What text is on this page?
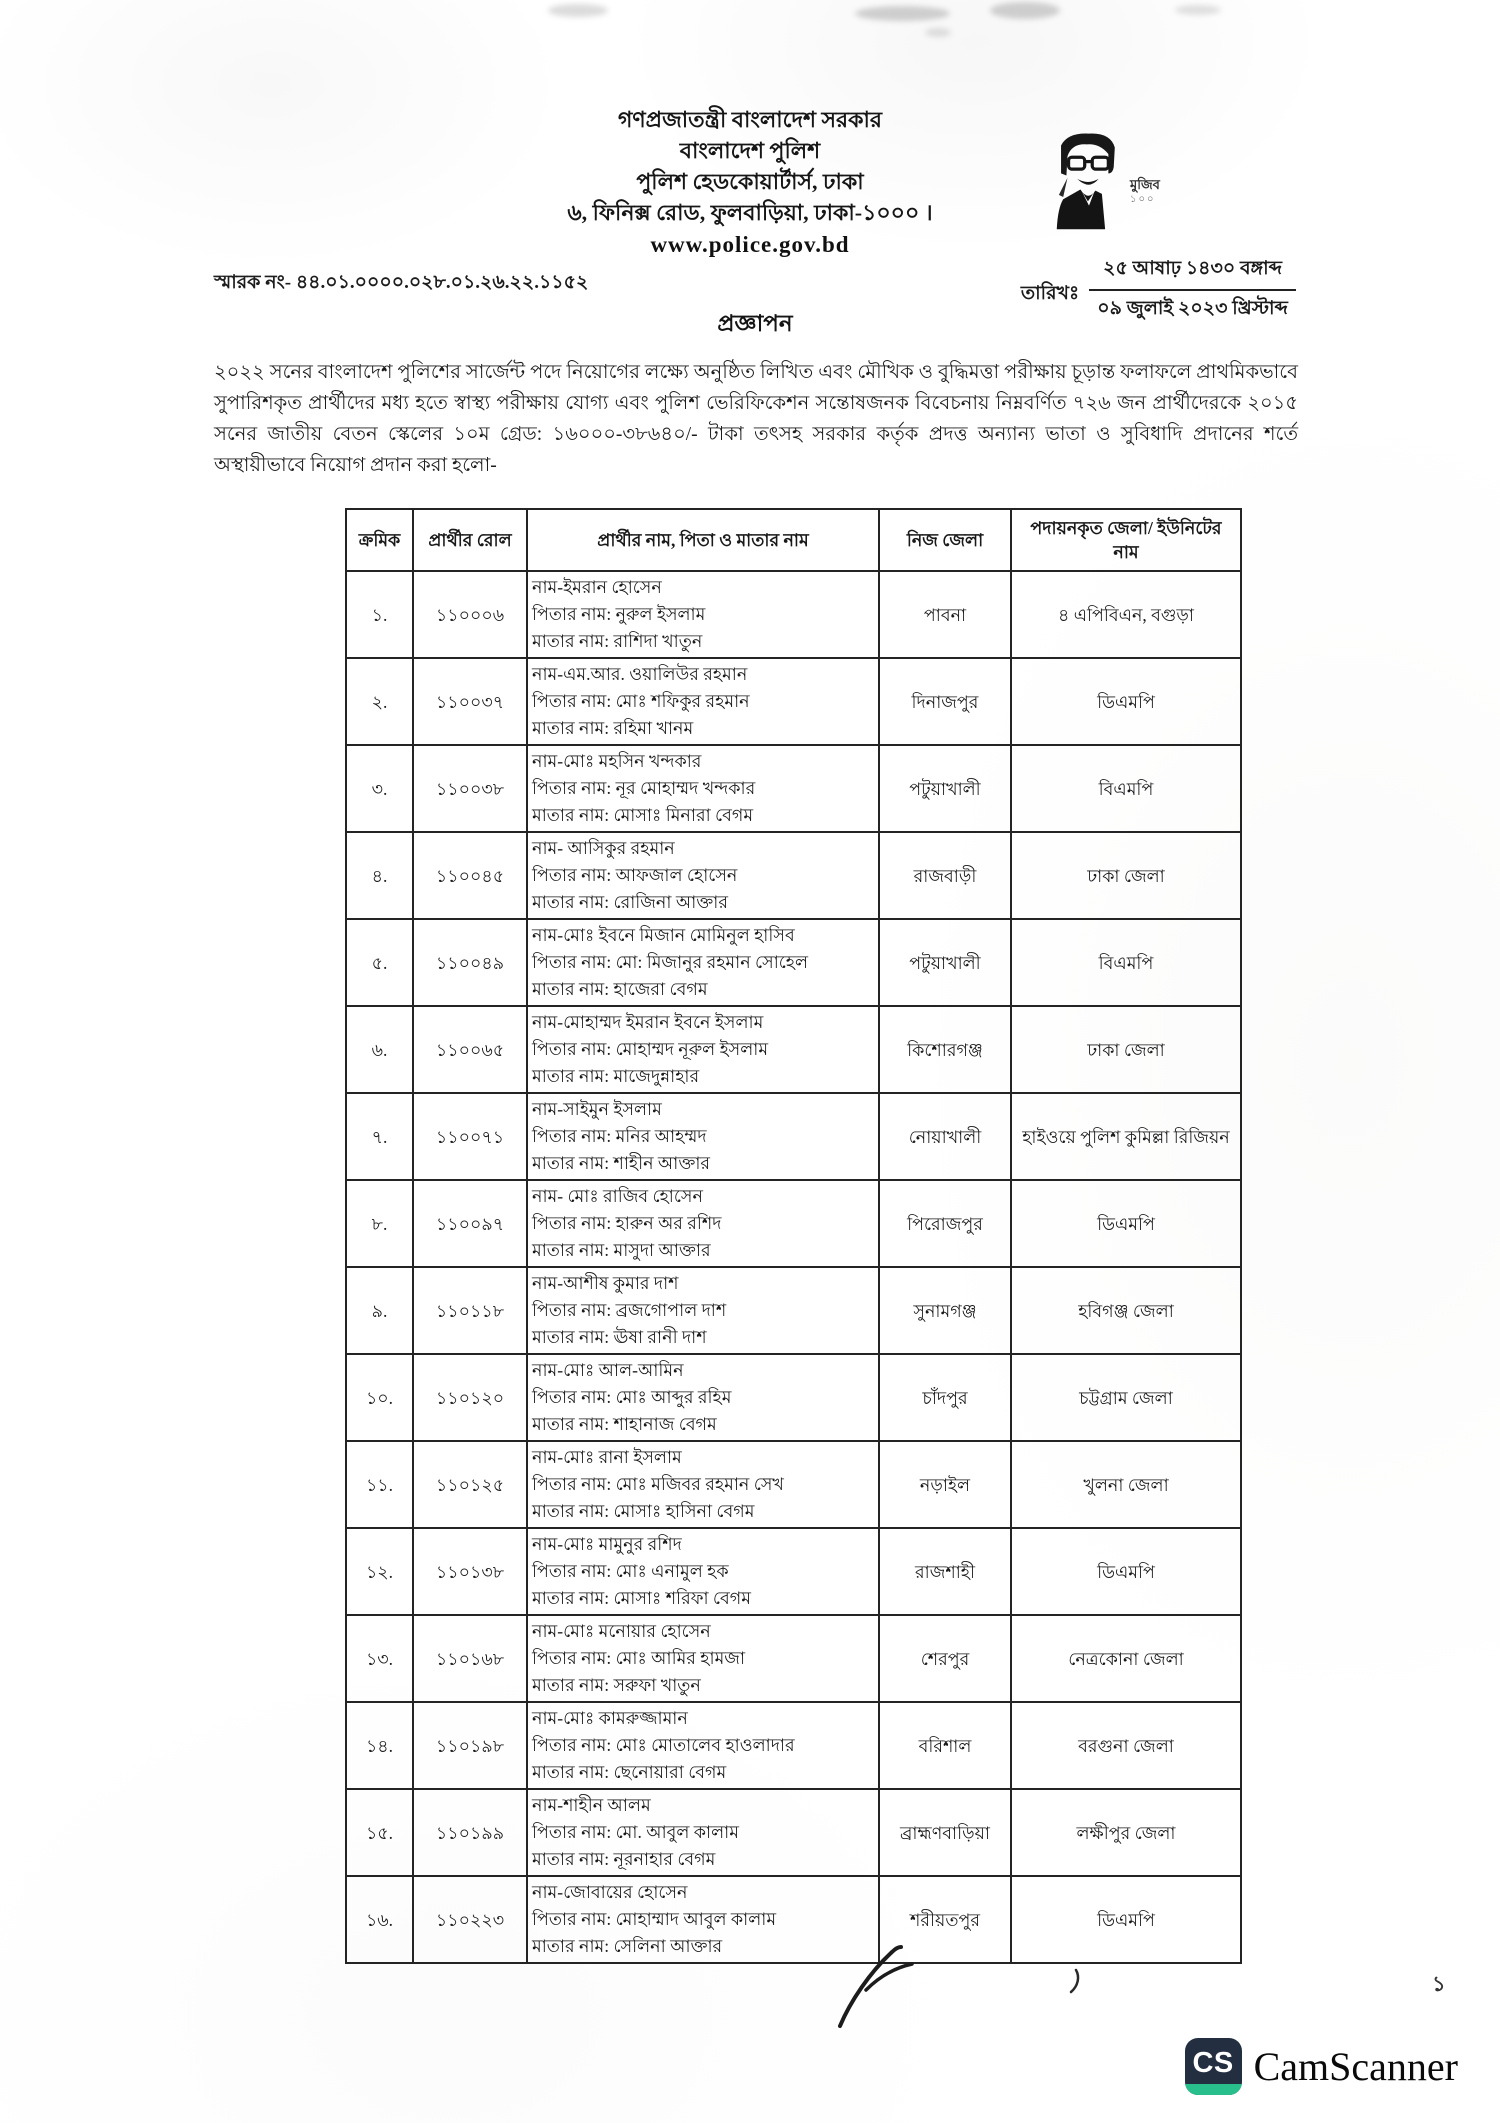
গণপ্রজাতন্ত্রী বাংলাদেশ সরকার
বাংলাদেশ পুলিশ
পুলিশ হেডকোয়ার্টার্স, ঢাকা
৬, ফিনিক্স রোড, ফুলবাড়িয়া, ঢাকা-১০০০ ।
www.police.gov.bd
মুজিব
১০০
স্মারক নং- ৪৪.০১.০০০০.০২৮.০১.২৬.২২.১১৫২
তারিখঃ $\frac{\text{২৫ আষাঢ় ১৪৩০ বঙ্গাব্দ}}{\text{০৯ জুলাই ২০২৩ খ্রিস্টাব্দ}}$
প্রজ্ঞাপন
২০২২ সনের বাংলাদেশ পুলিশের সার্জেন্ট পদে নিয়োগের লক্ষ্যে অনুষ্ঠিত লিখিত এবং মৌখিক ও বুদ্ধিমত্তা পরীক্ষায় চূড়ান্ত ফলাফলে প্রাথমিকভাবে সুপারিশকৃত প্রার্থীদের মধ্য হতে স্বাস্থ্য পরীক্ষায় যোগ্য এবং পুলিশ ভেরিফিকেশন সন্তোষজনক বিবেচনায় নিম্নবর্ণিত ৭২৬ জন প্রার্থীদেরকে ২০১৫ সনের জাতীয় বেতন স্কেলের ১০ম গ্রেড: ১৬০০০-৩৮৬৪০/- টাকা তৎসহ সরকার কর্তৃক প্রদত্ত অন্যান্য ভাতা ও সুবিধাদি প্রদানের শর্তে অস্থায়ীভাবে নিয়োগ প্রদান করা হলো-
ক্রমিক	প্রার্থীর রোল	প্রার্থীর নাম, পিতা ও মাতার নাম	নিজ জেলা	পদায়নকৃত জেলা/ ইউনিটের নাম
১.	১১০০০৬	নাম-ইমরান হোসেন
পিতার নাম: নুরুল ইসলাম
মাতার নাম: রাশিদা খাতুন	পাবনা	৪ এপিবিএন, বগুড়া
২.	১১০০৩৭	নাম-এম.আর. ওয়ালিউর রহমান
পিতার নাম: মোঃ শফিকুর রহমান
মাতার নাম: রহিমা খানম	দিনাজপুর	ডিএমপি
৩.	১১০০৩৮	নাম-মোঃ মহসিন খন্দকার
পিতার নাম: নূর মোহাম্মদ খন্দকার
মাতার নাম: মোসাঃ মিনারা বেগম	পটুয়াখালী	বিএমপি
৪.	১১০০৪৫	নাম- আসিকুর রহমান
পিতার নাম: আফজাল হোসেন
মাতার নাম: রোজিনা আক্তার	রাজবাড়ী	ঢাকা জেলা
৫.	১১০০৪৯	নাম-মোঃ ইবনে মিজান মোমিনুল হাসিব
পিতার নাম: মো: মিজানুর রহমান সোহেল
মাতার নাম: হাজেরা বেগম	পটুয়াখালী	বিএমপি
৬.	১১০০৬৫	নাম-মোহাম্মদ ইমরান ইবনে ইসলাম
পিতার নাম: মোহাম্মদ নূরুল ইসলাম
মাতার নাম: মাজেদুন্নাহার	কিশোরগঞ্জ	ঢাকা জেলা
৭.	১১০০৭১	নাম-সাইমুন ইসলাম
পিতার নাম: মনির আহম্মদ
মাতার নাম: শাহীন আক্তার	নোয়াখালী	হাইওয়ে পুলিশ কুমিল্লা রিজিয়ন
৮.	১১০০৯৭	নাম- মোঃ রাজিব হোসেন
পিতার নাম: হারুন অর রশিদ
মাতার নাম: মাসুদা আক্তার	পিরোজপুর	ডিএমপি
৯.	১১০১১৮	নাম-আশীষ কুমার দাশ
পিতার নাম: ব্রজগোপাল দাশ
মাতার নাম: ঊষা রানী দাশ	সুনামগঞ্জ	হবিগঞ্জ জেলা
১০.	১১০১২০	নাম-মোঃ আল-আমিন
পিতার নাম: মোঃ আব্দুর রহিম
মাতার নাম: শাহানাজ বেগম	চাঁদপুর	চট্টগ্রাম জেলা
১১.	১১০১২৫	নাম-মোঃ রানা ইসলাম
পিতার নাম: মোঃ মজিবর রহমান সেখ
মাতার নাম: মোসাঃ হাসিনা বেগম	নড়াইল	খুলনা জেলা
১২.	১১০১৩৮	নাম-মোঃ মামুনুর রশিদ
পিতার নাম: মোঃ এনামুল হক
মাতার নাম: মোসাঃ শরিফা বেগম	রাজশাহী	ডিএমপি
১৩.	১১০১৬৮	নাম-মোঃ মনোয়ার হোসেন
পিতার নাম: মোঃ আমির হামজা
মাতার নাম: সরুফা খাতুন	শেরপুর	নেত্রকোনা জেলা
১৪.	১১০১৯৮	নাম-মোঃ কামরুজ্জামান
পিতার নাম: মোঃ মোতালেব হাওলাদার
মাতার নাম: ছেনোয়ারা বেগম	বরিশাল	বরগুনা জেলা
১৫.	১১০১৯৯	নাম-শাহীন আলম
পিতার নাম: মো. আবুল কালাম
মাতার নাম: নূরনাহার বেগম	ব্রাহ্মণবাড়িয়া	লক্ষীপুর জেলা
১৬.	১১০২২৩	নাম-জোবায়ের হোসেন
পিতার নাম: মোহাম্মাদ আবুল কালাম
মাতার নাম: সেলিনা আক্তার	শরীয়তপুর	ডিএমপি
১
CS CamScanner
